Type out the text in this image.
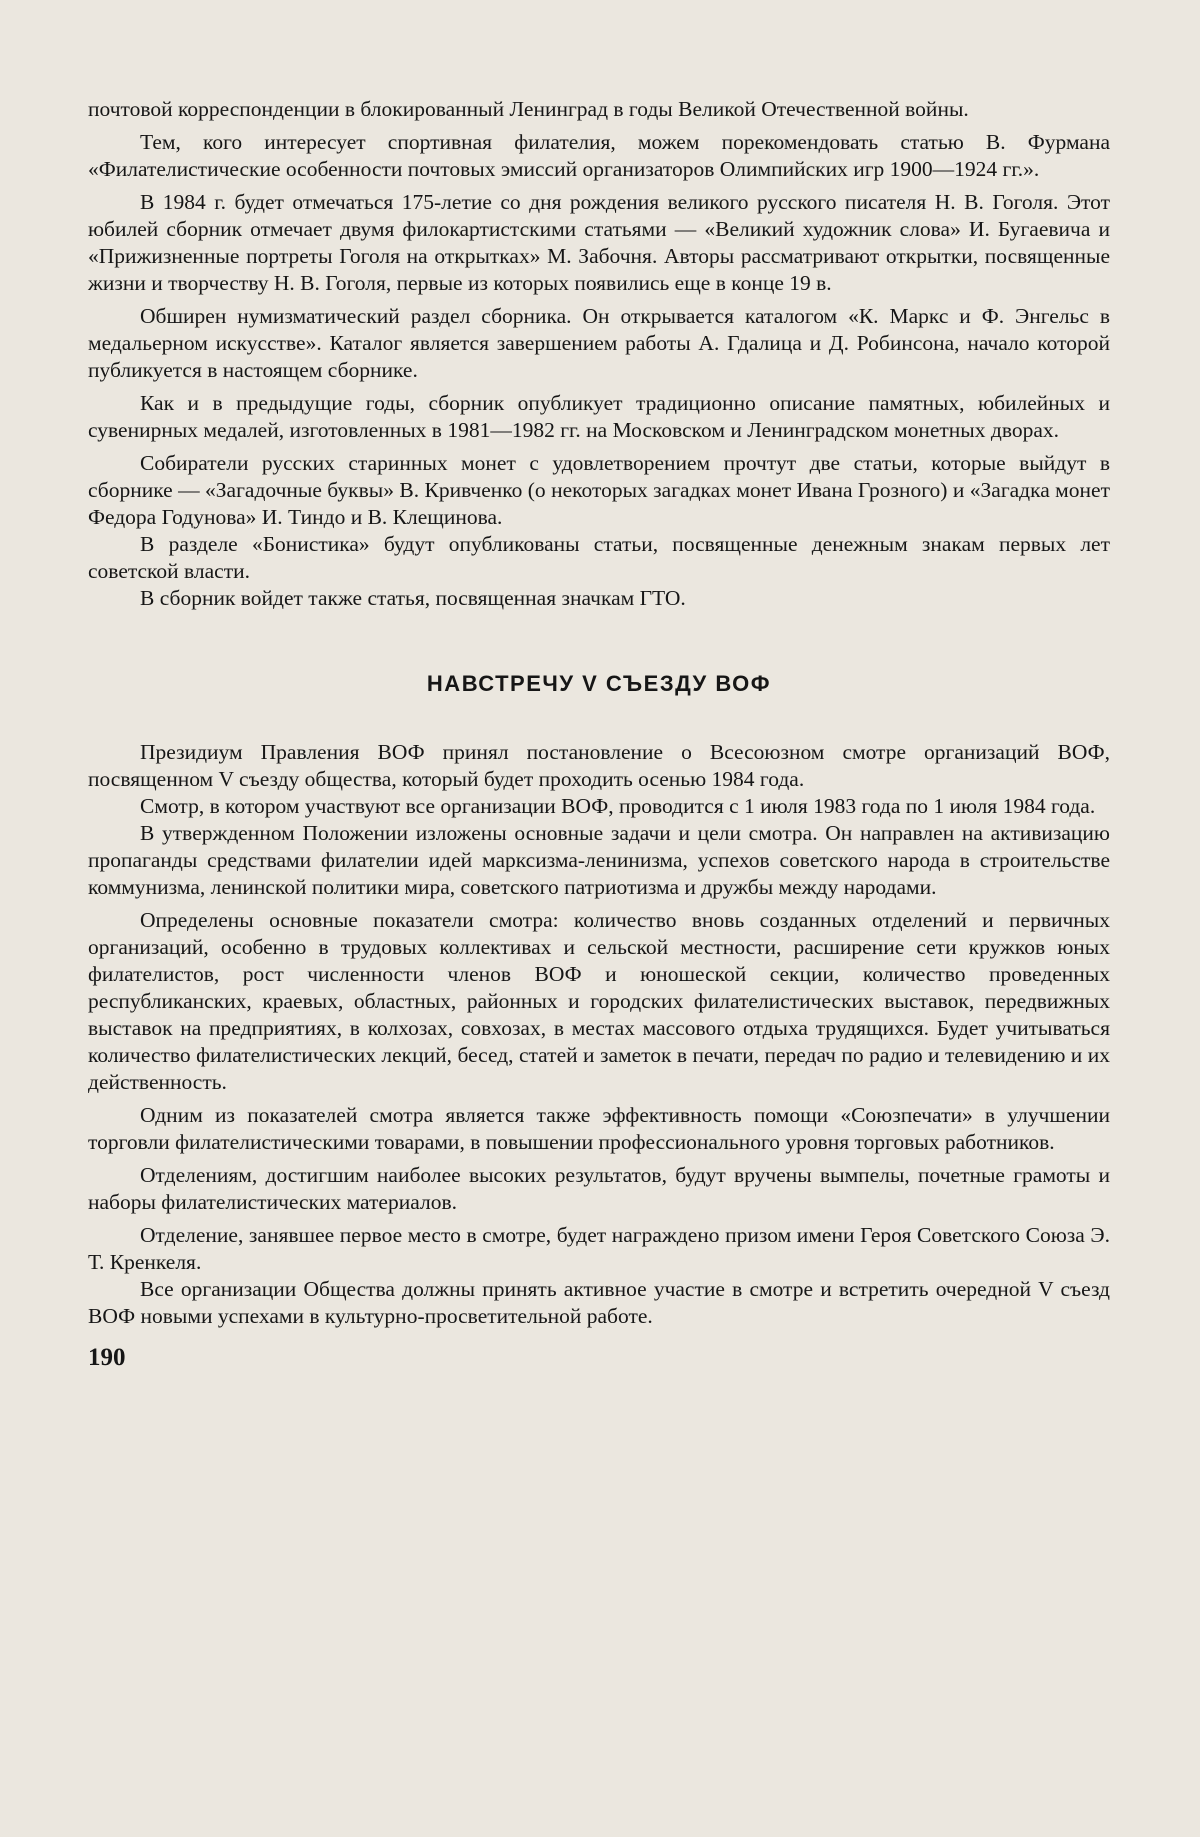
почтовой корреспонденции в блокированный Ленинград в годы Великой Отечественной войны.

Тем, кого интересует спортивная филателия, можем порекомендовать статью В. Фурмана «Филателистические особенности почтовых эмиссий организаторов Олимпийских игр 1900—1924 гг.».

В 1984 г. будет отмечаться 175-летие со дня рождения великого русского писателя Н. В. Гоголя. Этот юбилей сборник отмечает двумя филокартистскими статьями — «Великий художник слова» И. Бугаевича и «Прижизненные портреты Гоголя на открытках» М. Забочня. Авторы рассматривают открытки, посвященные жизни и творчеству Н. В. Гоголя, первые из которых появились еще в конце 19 в.

Обширен нумизматический раздел сборника. Он открывается каталогом «К. Маркс и Ф. Энгельс в медальерном искусстве». Каталог является завершением работы А. Гдалица и Д. Робинсона, начало которой публикуется в настоящем сборнике.

Как и в предыдущие годы, сборник опубликует традиционно описание памятных, юбилейных и сувенирных медалей, изготовленных в 1981—1982 гг. на Московском и Ленинградском монетных дворах.

Собиратели русских старинных монет с удовлетворением прочтут две статьи, которые выйдут в сборнике — «Загадочные буквы» В. Кривченко (о некоторых загадках монет Ивана Грозного) и «Загадка монет Федора Годунова» И. Тиндо и В. Клещинова.

В разделе «Бонистика» будут опубликованы статьи, посвященные денежным знакам первых лет советской власти.

В сборник войдет также статья, посвященная значкам ГТО.

НАВСТРЕЧУ V СЪЕЗДУ ВОФ

Президиум Правления ВОФ принял постановление о Всесоюзном смотре организаций ВОФ, посвященном V съезду общества, который будет проходить осенью 1984 года.

Смотр, в котором участвуют все организации ВОФ, проводится с 1 июля 1983 года по 1 июля 1984 года.

В утвержденном Положении изложены основные задачи и цели смотра. Он направлен на активизацию пропаганды средствами филателии идей марксизма-ленинизма, успехов советского народа в строительстве коммунизма, ленинской политики мира, советского патриотизма и дружбы между народами.

Определены основные показатели смотра: количество вновь созданных отделений и первичных организаций, особенно в трудовых коллективах и сельской местности, расширение сети кружков юных филателистов, рост численности членов ВОФ и юношеской секции, количество проведенных республиканских, краевых, областных, районных и городских филателистических выставок, передвижных выставок на предприятиях, в колхозах, совхозах, в местах массового отдыха трудящихся. Будет учитываться количество филателистических лекций, бесед, статей и заметок в печати, передач по радио и телевидению и их действенность.

Одним из показателей смотра является также эффективность помощи «Союзпечати» в улучшении торговли филателистическими товарами, в повышении профессионального уровня торговых работников.

Отделениям, достигшим наиболее высоких результатов, будут вручены вымпелы, почетные грамоты и наборы филателистических материалов.

Отделение, занявшее первое место в смотре, будет награждено призом имени Героя Советского Союза Э. Т. Кренкеля.

Все организации Общества должны принять активное участие в смотре и встретить очередной V съезд ВОФ новыми успехами в культурно-просветительной работе.

190
